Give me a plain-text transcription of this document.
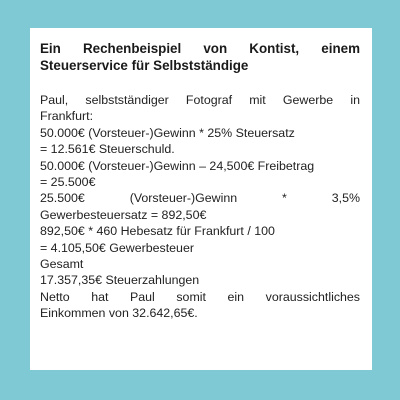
Ein Rechenbeispiel von Kontist, einem Steuerservice für Selbstständige

Paul, selbstständiger Fotograf mit Gewerbe in
Frankfurt:
50.000€ (Vorsteuer-)Gewinn * 25% Steuersatz
= 12.561€ Steuerschuld.
50.000€ (Vorsteuer-)Gewinn – 24,500€ Freibetrag
= 25.500€
25.500€ (Vorsteuer-)Gewinn * 3,5%
Gewerbesteuersatz = 892,50€
892,50€ * 460 Hebesatz für Frankfurt / 100
= 4.105,50€ Gewerbesteuer
Gesamt
17.357,35€ Steuerzahlungen
Netto hat Paul somit ein voraussichtliches
Einkommen von 32.642,65€.
